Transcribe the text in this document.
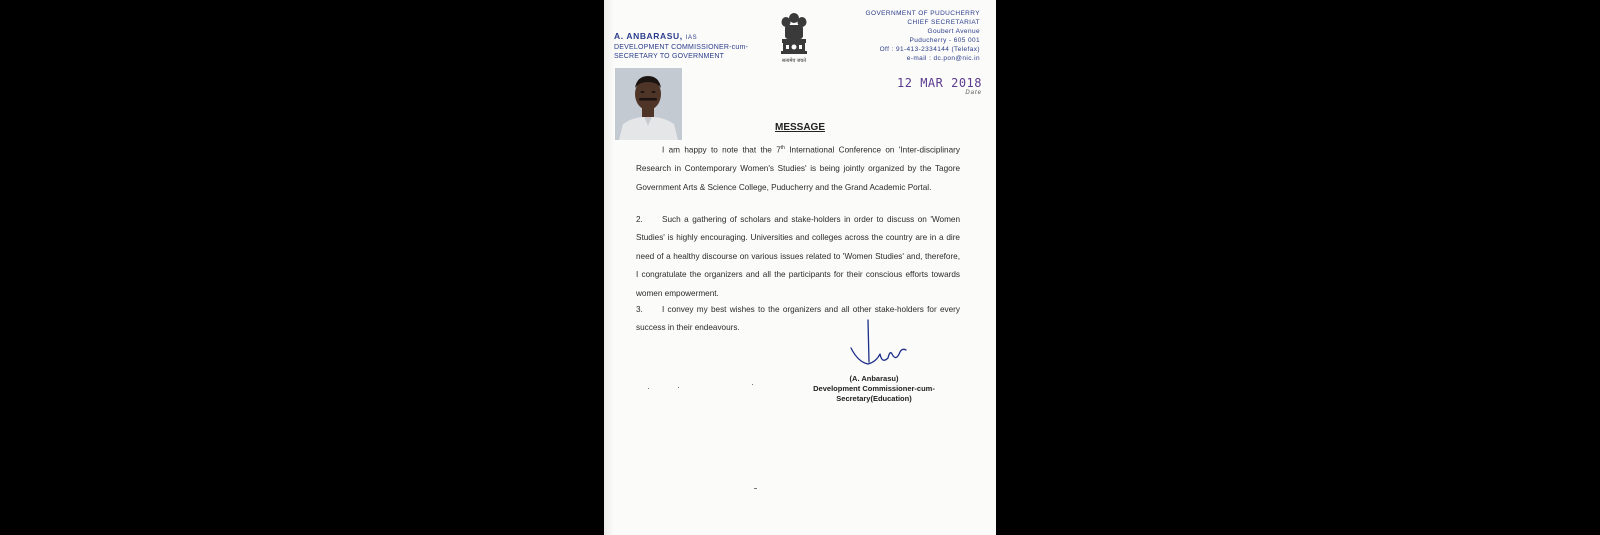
A. ANBARASU, IAS
DEVELOPMENT COMMISSIONER-cum-
SECRETARY TO GOVERNMENT
सत्यमेव जयते
GOVERNMENT OF PUDUCHERRY
CHIEF SECRETARIAT
Goubert Avenue
Puducherry - 605 001
Off : 91-413-2334144 (Telefax)
e-mail : dc.pon@nic.in
12 MAR 2018
Date
MESSAGE
I am happy to note that the 7th International Conference on 'Inter-disciplinary Research in Contemporary Women's Studies' is being jointly organized by the Tagore Government Arts & Science College, Puducherry and the Grand Academic Portal.
2. Such a gathering of scholars and stake-holders in order to discuss on 'Women Studies' is highly encouraging. Universities and colleges across the country are in a dire need of a healthy discourse on various issues related to 'Women Studies' and, therefore, I congratulate the organizers and all the participants for their conscious efforts towards women empowerment.
3. I convey my best wishes to the organizers and all other stake-holders for every success in their endeavours.
(A. Anbarasu)
Development Commissioner-cum-
Secretary(Education)
